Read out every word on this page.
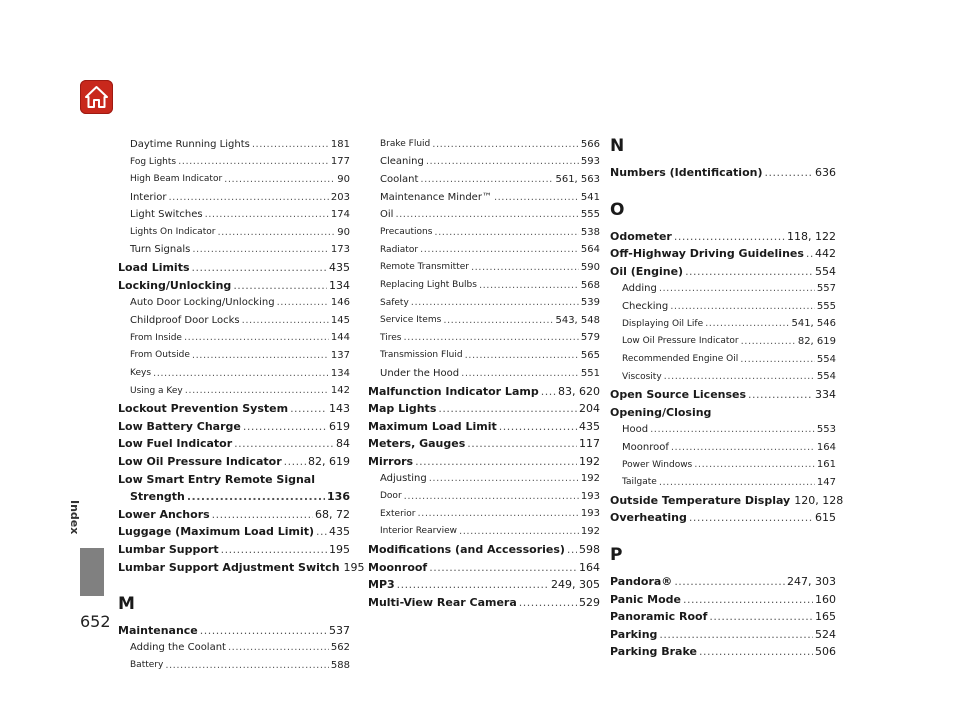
Index
652
Daytime Running Lights .....	181
Fog Lights .....	177
High Beam Indicator .....	90
Interior .....	203
Light Switches .....	174
Lights On Indicator .....	90
Turn Signals .....	173
Load Limits .....	435
Locking/Unlocking .....	134
Auto Door Locking/Unlocking .....	146
Childproof Door Locks .....	145
From Inside .....	144
From Outside .....	137
Keys .....	134
Using a Key .....	142
Lockout Prevention System .....	143
Low Battery Charge .....	619
Low Fuel Indicator .....	84
Low Oil Pressure Indicator ..... 82, 619
Low Smart Entry Remote Signal
Strength .....	136
Lower Anchors .....	68, 72
Luggage (Maximum Load Limit) ..... 435
Lumbar Support .....	195
Lumbar Support Adjustment Switch 195
M
Maintenance .....	537
Adding the Coolant .....	562
Battery .....	588
Brake Fluid .....	566
Cleaning .....	593
Coolant .....	561, 563
Maintenance Minder™ .....	541
Oil .....	555
Precautions .....	538
Radiator .....	564
Remote Transmitter .....	590
Replacing Light Bulbs .....	568
Safety .....	539
Service Items .....	543, 548
Tires .....	579
Transmission Fluid .....	565
Under the Hood .....	551
Malfunction Indicator Lamp ..... 83, 620
Map Lights .....	204
Maximum Load Limit .....	435
Meters, Gauges .....	117
Mirrors .....	192
Adjusting .....	192
Door .....	193
Exterior .....	193
Interior Rearview .....	192
Modifications (and Accessories) ..... 598
Moonroof .....	164
MP3 .....	249, 305
Multi-View Rear Camera .....	529
N
Numbers (Identification) .....	636
O
Odometer .....	118, 122
Off-Highway Driving Guidelines ..... 442
Oil (Engine) .....	554
Adding .....	557
Checking .....	555
Displaying Oil Life .....	541, 546
Low Oil Pressure Indicator .....	82, 619
Recommended Engine Oil .....	554
Viscosity .....	554
Open Source Licenses .....	334
Opening/Closing
Hood .....	553
Moonroof .....	164
Power Windows .....	161
Tailgate .....	147
Outside Temperature Display 120, 128
Overheating .....	615
P
Pandora® .....	247, 303
Panic Mode .....	160
Panoramic Roof .....	165
Parking .....	524
Parking Brake .....	506
